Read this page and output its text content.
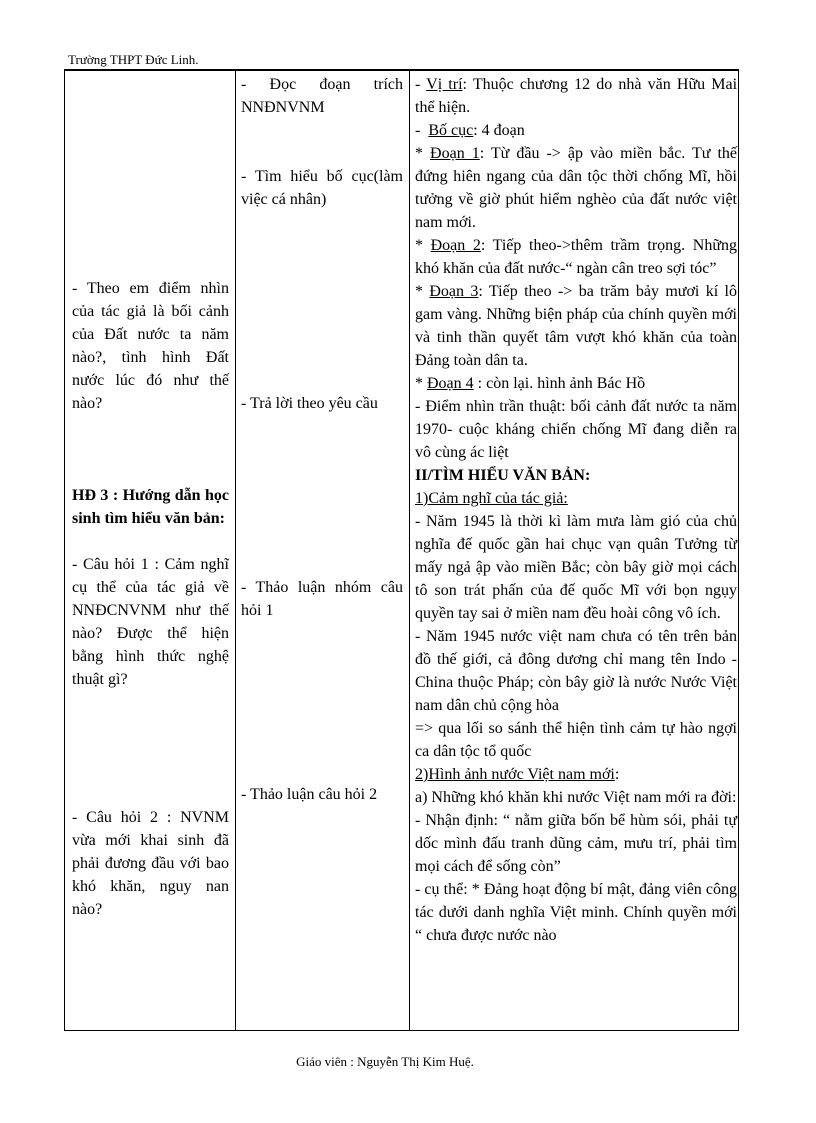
Trường THPT Đức Linh.
- Theo em điểm nhìn của tác giả là bối cảnh của Đất nước ta năm nào?, tình hình Đất nước lúc đó như thế nào?
HĐ 3 : Hướng dẫn học sinh tìm hiểu văn bản:
- Câu hỏi 1 : Cảm nghĩ cụ thể của tác giả về NNĐCNVNM như thế nào? Được thể hiện bằng hình thức nghệ thuật gì?
- Câu hỏi 2 : NVNM vừa mới khai sinh đã phải đương đầu với bao khó khăn, nguy nan nào?
- Đọc đoạn trích NNĐNVNM
- Tìm hiểu bố cục(làm việc cá nhân)
- Trả lời theo yêu cầu
- Thảo luận nhóm câu hỏi 1
- Thảo luận câu hỏi 2

- Vị trí: Thuộc chương 12 do nhà văn Hữu Mai thể hiện.

-  Bố cục: 4 đoạn

* Đoạn 1: Từ đầu -> ập vào miền bắc. Tư thế đứng hiên ngang của dân tộc thời chống Mĩ, hồi tưởng về giờ phút hiểm nghèo của đất nước việt nam mới.

* Đoạn 2: Tiếp theo->thêm trầm trọng. Những khó khăn của đất nước-“ ngàn cân treo sợi tóc”

* Đoạn 3: Tiếp theo -> ba trăm bảy mươi kí lô gam vàng. Những biện pháp của chính quyền mới và tinh thần quyết tâm vượt khó khăn của toàn Đảng toàn dân ta.

* Đoạn 4 : còn lại. hình ảnh Bác Hồ

- Điểm nhìn trần thuật: bối cảnh đất nước ta năm 1970- cuộc kháng chiến chống Mĩ đang diễn ra vô cùng ác liệt

II/TÌM HIỂU VĂN BẢN:

1)Cảm nghĩ của tác giả:

- Năm 1945 là thời kì làm mưa làm gió của chủ nghĩa đế quốc gần hai chục vạn quân Tưởng từ mấy ngả ập vào miền Bắc; còn bây giờ mọi cách tô son trát phấn của đế quốc Mĩ với bọn ngụy quyền tay sai ở miền nam đều hoài công vô ích.

- Năm 1945 nước việt nam chưa có tên trên bản đồ thế giới, cả đông dương chỉ mang tên Indo - China thuộc Pháp; còn bây giờ là nước Nước Việt nam dân chủ cộng hòa

=> qua lối so sánh thể hiện tình cảm tự hào ngợi ca dân tộc tổ quốc

2)Hình ảnh nước Việt nam mới:

a) Những khó khăn khi nước Việt nam mới ra đời:

- Nhận định: “ nằm giữa bốn bể hùm sói, phải tự dốc mình đấu tranh dũng cảm, mưu trí, phải tìm mọi cách để sống còn”

- cụ thể: * Đảng hoạt động bí mật, đảng viên công tác dưới danh nghĩa Việt minh. Chính quyền mới “ chưa được nước nào

Giáo viên : Nguyễn Thị Kim Huệ.
